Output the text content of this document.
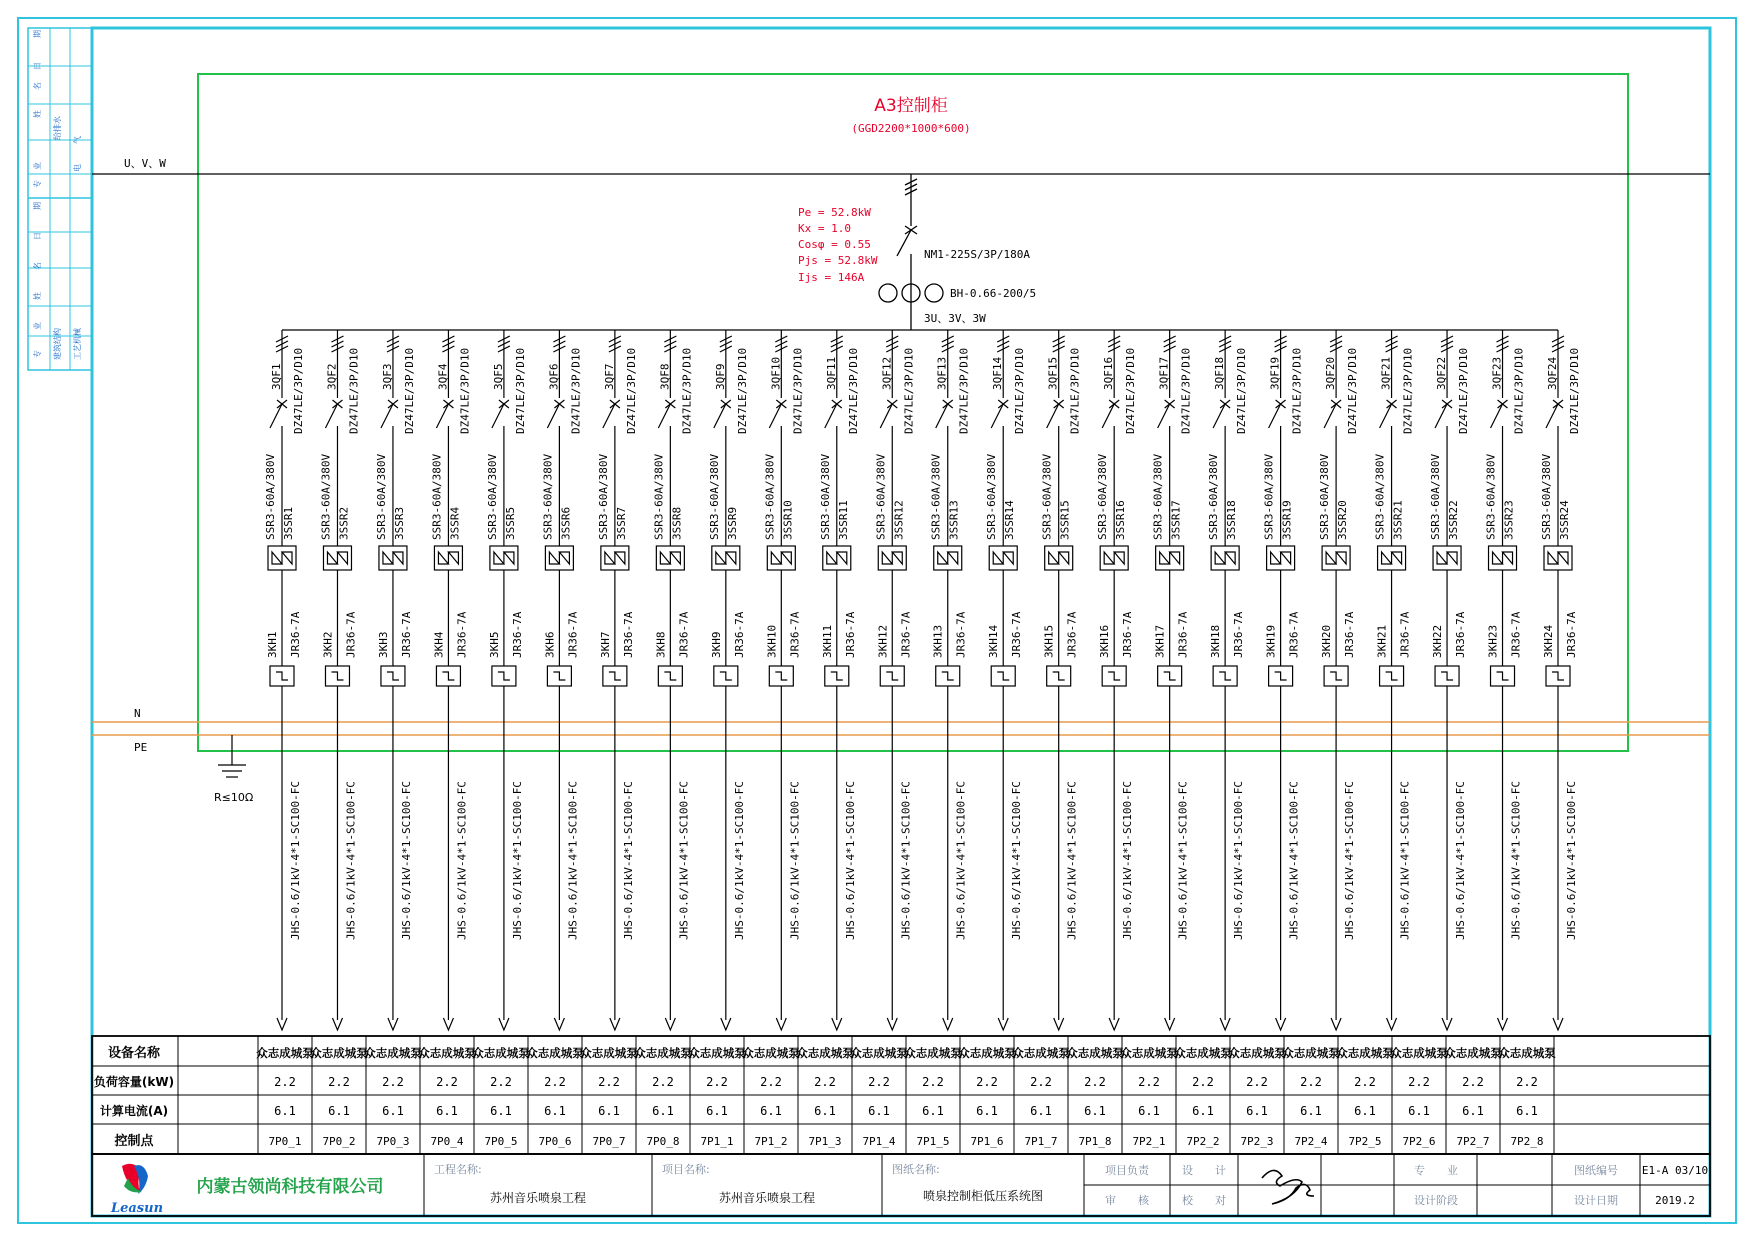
专
业
给排水
电
气
姓
名
日
期
专
业
建筑结构 工艺机械
姓
名
日
期
A3控制柜
(GGD2200*1000*600)
U、V、W
NM1-225S/3P/180A
BH-0.66-200/5
3U、3V、3W
Pe = 52.8kW
Kx = 1.0
Cosφ = 0.55
Pjs = 52.8kW
Ijs = 146A
N
PE
R≤10Ω
3QF1 DZ47LE/3P/D10
SSR3-60A/380V 3SSR1
3KH1 JR36-7A
JHS-0.6/1kV-4*1-SC100-FC
3QF2 DZ47LE/3P/D10
SSR3-60A/380V 3SSR2
3KH2 JR36-7A
JHS-0.6/1kV-4*1-SC100-FC
3QF3 DZ47LE/3P/D10
SSR3-60A/380V 3SSR3
3KH3 JR36-7A
JHS-0.6/1kV-4*1-SC100-FC
3QF4 DZ47LE/3P/D10
SSR3-60A/380V 3SSR4
3KH4 JR36-7A
JHS-0.6/1kV-4*1-SC100-FC
3QF5 DZ47LE/3P/D10
SSR3-60A/380V 3SSR5
3KH5 JR36-7A
JHS-0.6/1kV-4*1-SC100-FC
3QF6 DZ47LE/3P/D10
SSR3-60A/380V 3SSR6
3KH6 JR36-7A
JHS-0.6/1kV-4*1-SC100-FC
3QF7 DZ47LE/3P/D10
SSR3-60A/380V 3SSR7
3KH7 JR36-7A
JHS-0.6/1kV-4*1-SC100-FC
3QF8 DZ47LE/3P/D10
SSR3-60A/380V 3SSR8
3KH8 JR36-7A
JHS-0.6/1kV-4*1-SC100-FC
3QF9 DZ47LE/3P/D10
SSR3-60A/380V 3SSR9
3KH9 JR36-7A
JHS-0.6/1kV-4*1-SC100-FC
3QF10 DZ47LE/3P/D10
SSR3-60A/380V 3SSR10
3KH10 JR36-7A
JHS-0.6/1kV-4*1-SC100-FC
3QF11 DZ47LE/3P/D10
SSR3-60A/380V 3SSR11
3KH11 JR36-7A
JHS-0.6/1kV-4*1-SC100-FC
3QF12 DZ47LE/3P/D10
SSR3-60A/380V 3SSR12
3KH12 JR36-7A
JHS-0.6/1kV-4*1-SC100-FC
3QF13 DZ47LE/3P/D10
SSR3-60A/380V 3SSR13
3KH13 JR36-7A
JHS-0.6/1kV-4*1-SC100-FC
3QF14 DZ47LE/3P/D10
SSR3-60A/380V 3SSR14
3KH14 JR36-7A
JHS-0.6/1kV-4*1-SC100-FC
3QF15 DZ47LE/3P/D10
SSR3-60A/380V 3SSR15
3KH15 JR36-7A
JHS-0.6/1kV-4*1-SC100-FC
3QF16 DZ47LE/3P/D10
SSR3-60A/380V 3SSR16
3KH16 JR36-7A
JHS-0.6/1kV-4*1-SC100-FC
3QF17 DZ47LE/3P/D10
SSR3-60A/380V 3SSR17
3KH17 JR36-7A
JHS-0.6/1kV-4*1-SC100-FC
3QF18 DZ47LE/3P/D10
SSR3-60A/380V 3SSR18
3KH18 JR36-7A
JHS-0.6/1kV-4*1-SC100-FC
3QF19 DZ47LE/3P/D10
SSR3-60A/380V 3SSR19
3KH19 JR36-7A
JHS-0.6/1kV-4*1-SC100-FC
3QF20 DZ47LE/3P/D10
SSR3-60A/380V 3SSR20
3KH20 JR36-7A
JHS-0.6/1kV-4*1-SC100-FC
3QF21 DZ47LE/3P/D10
SSR3-60A/380V 3SSR21
3KH21 JR36-7A
JHS-0.6/1kV-4*1-SC100-FC
3QF22 DZ47LE/3P/D10
SSR3-60A/380V 3SSR22
3KH22 JR36-7A
JHS-0.6/1kV-4*1-SC100-FC
3QF23 DZ47LE/3P/D10
SSR3-60A/380V 3SSR23
3KH23 JR36-7A
JHS-0.6/1kV-4*1-SC100-FC
3QF24 DZ47LE/3P/D10
SSR3-60A/380V 3SSR24
3KH24 JR36-7A
JHS-0.6/1kV-4*1-SC100-FC
设备名称
负荷容量(kW)
计算电流(A)
控制点
众志成城泵
2.2
6.1
7P0_1
众志成城泵
2.2
6.1
7P0_2
众志成城泵
2.2
6.1
7P0_3
众志成城泵
2.2
6.1
7P0_4
众志成城泵
2.2
6.1
7P0_5
众志成城泵
2.2
6.1
7P0_6
众志成城泵
2.2
6.1
7P0_7
众志成城泵
2.2
6.1
7P0_8
众志成城泵
2.2
6.1
7P1_1
众志成城泵
2.2
6.1
7P1_2
众志成城泵
2.2
6.1
7P1_3
众志成城泵
2.2
6.1
7P1_4
众志成城泵
2.2
6.1
7P1_5
众志成城泵
2.2
6.1
7P1_6
众志成城泵
2.2
6.1
7P1_7
众志成城泵
2.2
6.1
7P1_8
众志成城泵
2.2
6.1
7P2_1
众志成城泵
2.2
6.1
7P2_2
众志成城泵
2.2
6.1
7P2_3
众志成城泵
2.2
6.1
7P2_4
众志成城泵
2.2
6.1
7P2_5
众志成城泵
2.2
6.1
7P2_6
众志成城泵
2.2
6.1
7P2_7
众志成城泵
2.2
6.1
7P2_8
Leasun
内蒙古领尚科技有限公司
工程名称:
苏州音乐喷泉工程
项目名称:
苏州音乐喷泉工程
图纸名称:
喷泉控制柜低压系统图
项目负责
审　　核
设　　计
校　　对
专　　业
设计阶段
图纸编号
设计日期
E1-A 03/10
2019.2
